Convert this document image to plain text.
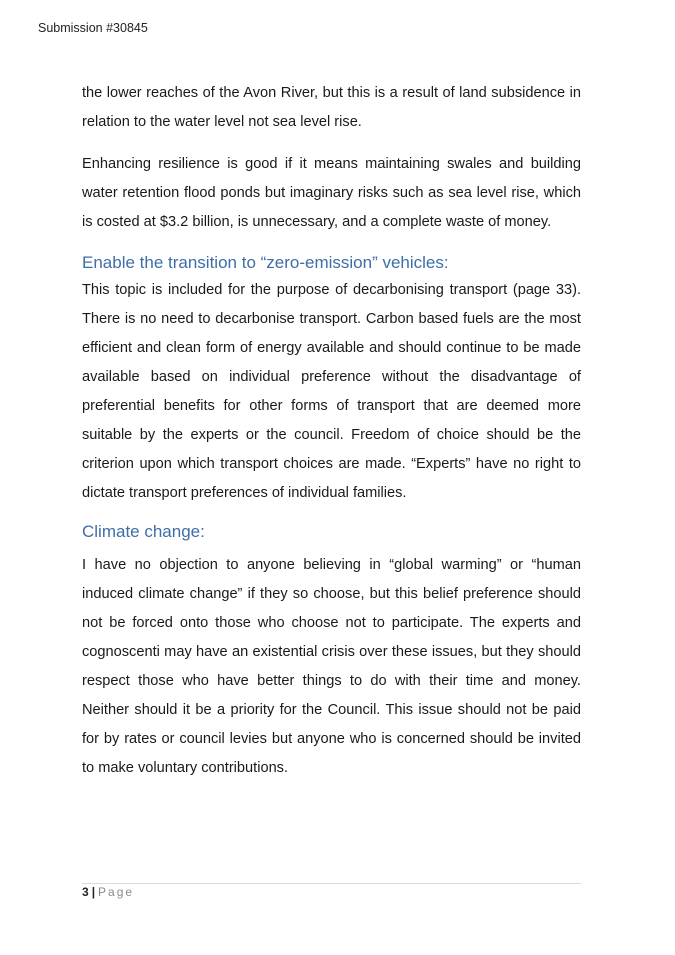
Submission #30845

the lower reaches of the Avon River, but this is a result of land subsidence in relation to the water level not sea level rise.

Enhancing resilience is good if it means maintaining swales and building water retention flood ponds but imaginary risks such as sea level rise, which is costed at $3.2 billion, is unnecessary, and a complete waste of money.

Enable the transition to “zero-emission” vehicles:

This topic is included for the purpose of decarbonising transport (page 33). There is no need to decarbonise transport. Carbon based fuels are the most efficient and clean form of energy available and should continue to be made available based on individual preference without the disadvantage of preferential benefits for other forms of transport that are deemed more suitable by the experts or the council. Freedom of choice should be the criterion upon which transport choices are made. “Experts” have no right to dictate transport preferences of individual families.

Climate change:

I have no objection to anyone believing in “global warming” or “human induced climate change” if they so choose, but this belief preference should not be forced onto those who choose not to participate. The experts and cognoscenti may have an existential crisis over these issues, but they should respect those who have better things to do with their time and money. Neither should it be a priority for the Council. This issue should not be paid for by rates or council levies but anyone who is concerned should be invited to make voluntary contributions.

3 | Page
